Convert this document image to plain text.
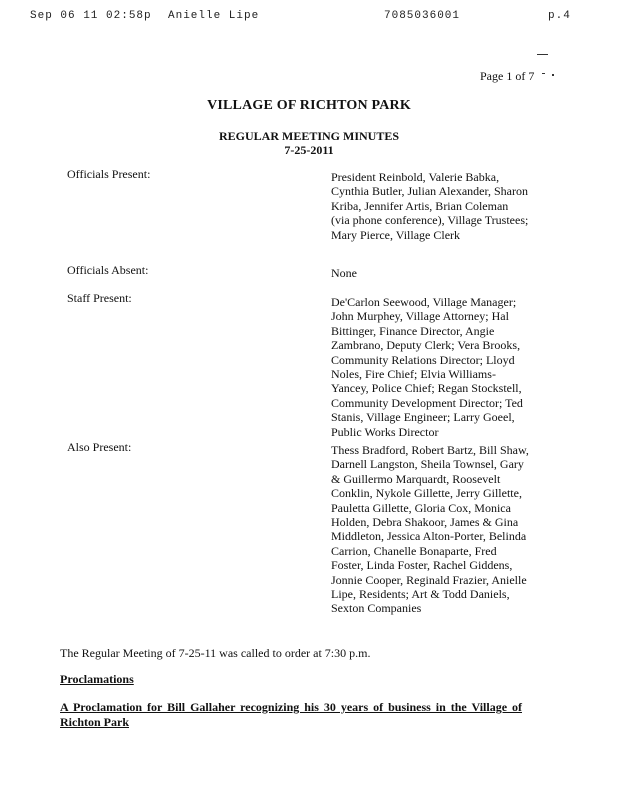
Sep 06 11 02:58p Anielle Lipe	7085036001	p.4
Page 1 of 7
VILLAGE OF RICHTON PARK
REGULAR MEETING MINUTES
7-25-2011
Officials Present:	President Reinbold, Valerie Babka, Cynthia Butler, Julian Alexander, Sharon Kriba, Jennifer Artis, Brian Coleman (via phone conference), Village Trustees; Mary Pierce, Village Clerk
Officials Absent:	None
Staff Present:	De'Carlon Seewood, Village Manager; John Murphey, Village Attorney; Hal Bittinger, Finance Director, Angie Zambrano, Deputy Clerk; Vera Brooks, Community Relations Director; Lloyd Noles, Fire Chief; Elvia Williams-Yancey, Police Chief; Regan Stockstell, Community Development Director; Ted Stanis, Village Engineer; Larry Goeel, Public Works Director
Also Present:	Thess Bradford, Robert Bartz, Bill Shaw, Darnell Langston, Sheila Townsel, Gary & Guillermo Marquardt, Roosevelt Conklin, Nykole Gillette, Jerry Gillette, Pauletta Gillette, Gloria Cox, Monica Holden, Debra Shakoor, James & Gina Middleton, Jessica Alton-Porter, Belinda Carrion, Chanelle Bonaparte, Fred Foster, Linda Foster, Rachel Giddens, Jonnie Cooper, Reginald Frazier, Anielle Lipe, Residents; Art & Todd Daniels, Sexton Companies
The Regular Meeting of 7-25-11 was called to order at 7:30 p.m.
Proclamations
A Proclamation for Bill Gallaher recognizing his 30 years of business in the Village of Richton Park
